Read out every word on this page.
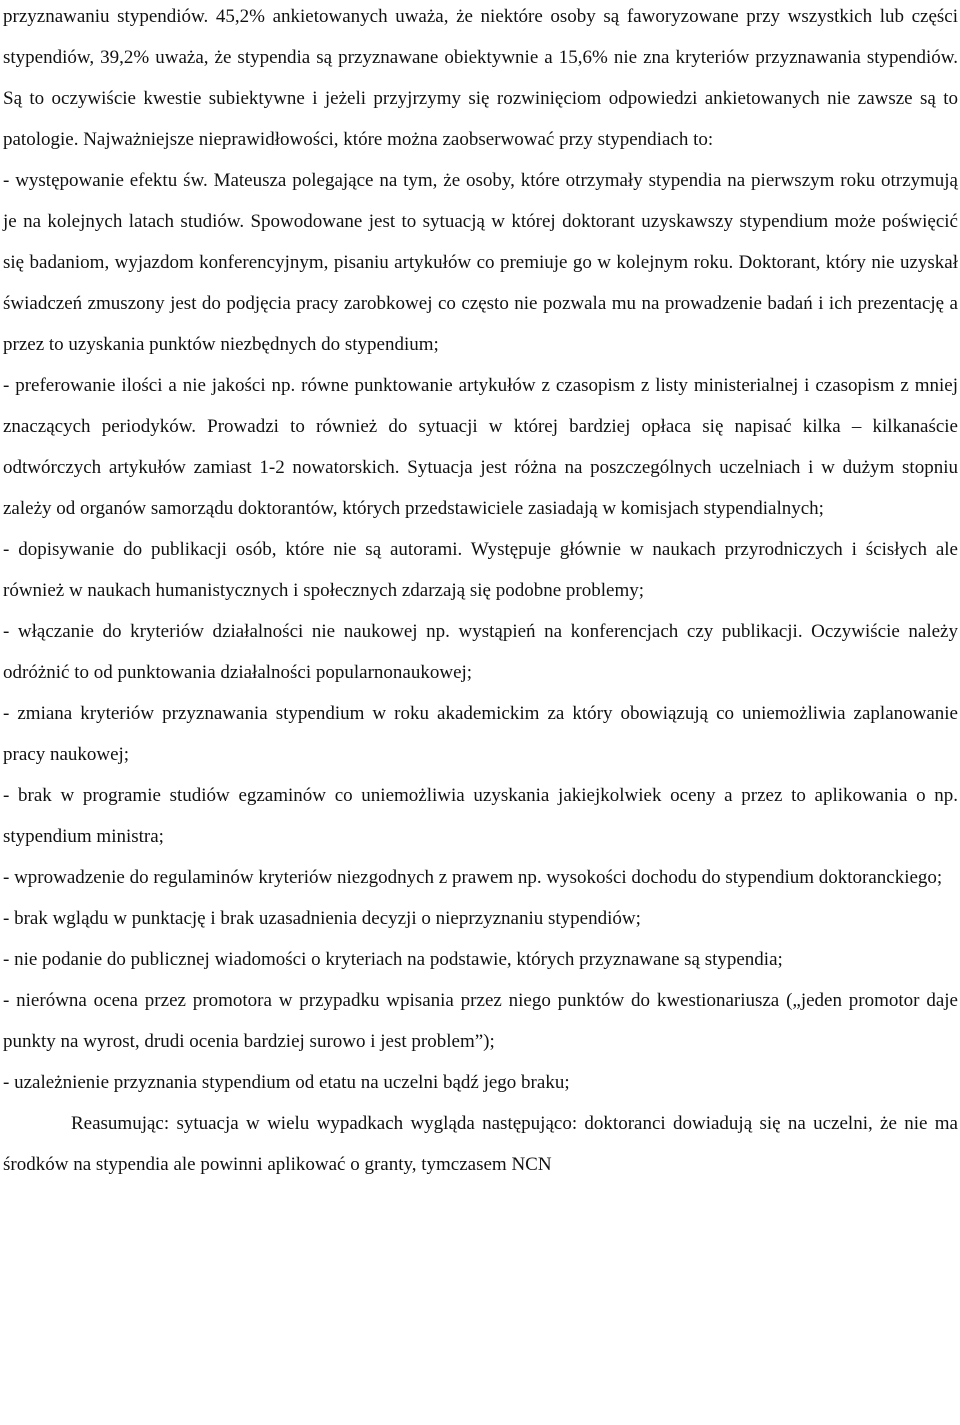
przyznawaniu stypendiów. 45,2% ankietowanych uważa, że niektóre osoby są faworyzowane przy wszystkich lub części stypendiów, 39,2% uważa, że stypendia są przyznawane obiektywnie a 15,6% nie zna kryteriów przyznawania stypendiów. Są to oczywiście kwestie subiektywne i jeżeli przyjrzymy się rozwinięciom odpowiedzi ankietowanych nie zawsze są to patologie. Najważniejsze nieprawidłowości, które można zaobserwować przy stypendiach to:

- występowanie efektu św. Mateusza polegające na tym, że osoby, które otrzymały stypendia na pierwszym roku otrzymują je na kolejnych latach studiów. Spowodowane jest to sytuacją w której doktorant uzyskawszy stypendium może poświęcić się badaniom, wyjazdom konferencyjnym, pisaniu artykułów co premiuje go w kolejnym roku. Doktorant, który nie uzyskał świadczeń zmuszony jest do podjęcia pracy zarobkowej co często nie pozwala mu na prowadzenie badań i ich prezentację a przez to uzyskania punktów niezbędnych do stypendium;

- preferowanie ilości a nie jakości np. równe punktowanie artykułów z czasopism z listy ministerialnej i czasopism z mniej znaczących periodyków. Prowadzi to również do sytuacji w której bardziej opłaca się napisać kilka – kilkanaście odtwórczych artykułów zamiast 1-2 nowatorskich. Sytuacja jest różna na poszczególnych uczelniach i w dużym stopniu zależy od organów samorządu doktorantów, których przedstawiciele zasiadają w komisjach stypendialnych;

- dopisywanie do publikacji osób, które nie są autorami. Występuje głównie w naukach przyrodniczych i ścisłych ale również w naukach humanistycznych i społecznych zdarzają się podobne problemy;

- włączanie do kryteriów działalności nie naukowej np. wystąpień na konferencjach czy publikacji. Oczywiście należy odróżnić to od punktowania działalności popularnonaukowej;

- zmiana kryteriów przyznawania stypendium w roku akademickim za który obowiązują co uniemożliwia zaplanowanie pracy naukowej;

- brak w programie studiów egzaminów co uniemożliwia uzyskania jakiejkolwiek oceny a przez to aplikowania o np. stypendium ministra;

- wprowadzenie do regulaminów kryteriów niezgodnych z prawem np. wysokości dochodu do stypendium doktoranckiego;

- brak wglądu w punktację i brak uzasadnienia decyzji o nieprzyznaniu stypendiów;

- nie podanie do publicznej wiadomości o kryteriach na podstawie, których przyznawane są stypendia;

- nierówna ocena przez promotora w przypadku wpisania przez niego punktów do kwestionariusza („jeden promotor daje punkty na wyrost, drudi ocenia bardziej surowo i jest problem”);

- uzależnienie przyznania stypendium od etatu na uczelni bądź jego braku;

Reasumując: sytuacja w wielu wypadkach wygląda następująco: doktoranci dowiadują się na uczelni, że nie ma środków na stypendia ale powinni aplikować o granty, tymczasem NCN
